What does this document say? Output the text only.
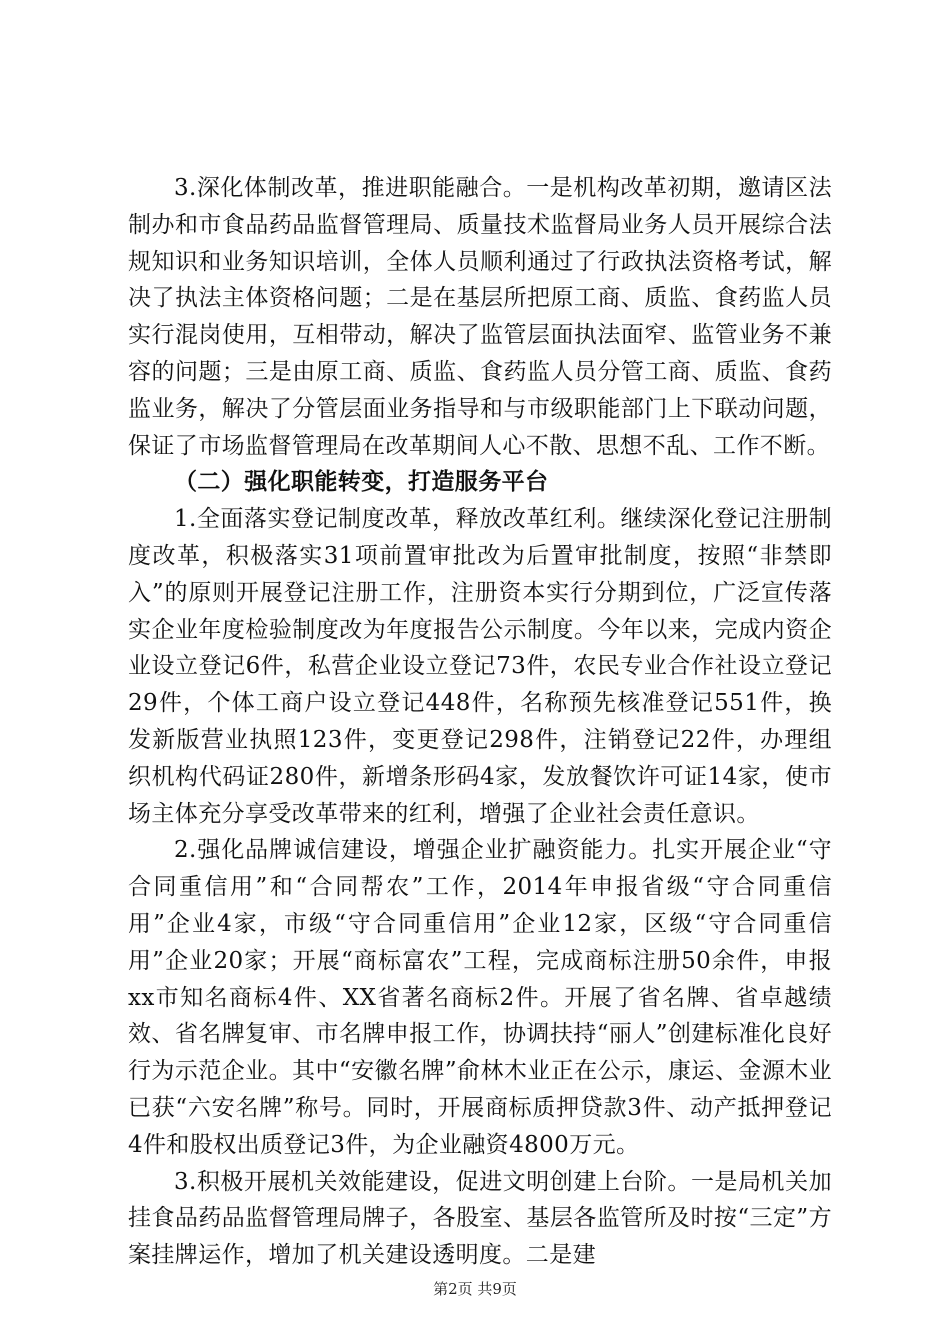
3.深化体制改革，推进职能融合。一是机构改革初期，邀请区法制办和市食品药品监督管理局、质量技术监督局业务人员开展综合法规知识和业务知识培训，全体人员顺利通过了行政执法资格考试，解决了执法主体资格问题；二是在基层所把原工商、质监、食药监人员实行混岗使用，互相带动，解决了监管层面执法面窄、监管业务不兼容的问题；三是由原工商、质监、食药监人员分管工商、质监、食药监业务，解决了分管层面业务指导和与市级职能部门上下联动问题，保证了市场监督管理局在改革期间人心不散、思想不乱、工作不断。

（二）强化职能转变，打造服务平台

1.全面落实登记制度改革，释放改革红利。继续深化登记注册制度改革，积极落实31项前置审批改为后置审批制度，按照“非禁即入”的原则开展登记注册工作，注册资本实行分期到位，广泛宣传落实企业年度检验制度改为年度报告公示制度。今年以来，完成内资企业设立登记6件，私营企业设立登记73件，农民专业合作社设立登记29件，个体工商户设立登记448件，名称预先核准登记551件，换发新版营业执照123件，变更登记298件，注销登记22件，办理组织机构代码证280件，新增条形码4家，发放餐饮许可证14家，使市场主体充分享受改革带来的红利，增强了企业社会责任意识。

2.强化品牌诚信建设，增强企业扩融资能力。扎实开展企业“守合同重信用”和“合同帮农”工作，2014年申报省级“守合同重信用”企业4家，市级“守合同重信用”企业12家，区级“守合同重信用”企业20家；开展“商标富农”工程，完成商标注册50余件，申报xx市知名商标4件、XX省著名商标2件。开展了省名牌、省卓越绩效、省名牌复审、市名牌申报工作，协调扶持“丽人”创建标准化良好行为示范企业。其中“安徽名牌”俞林木业正在公示，康运、金源木业已获“六安名牌”称号。同时，开展商标质押贷款3件、动产抵押登记4件和股权出质登记3件，为企业融资4800万元。

3.积极开展机关效能建设，促进文明创建上台阶。一是局机关加挂食品药品监督管理局牌子，各股室、基层各监管所及时按“三定”方案挂牌运作，增加了机关建设透明度。二是建

第2页 共9页
